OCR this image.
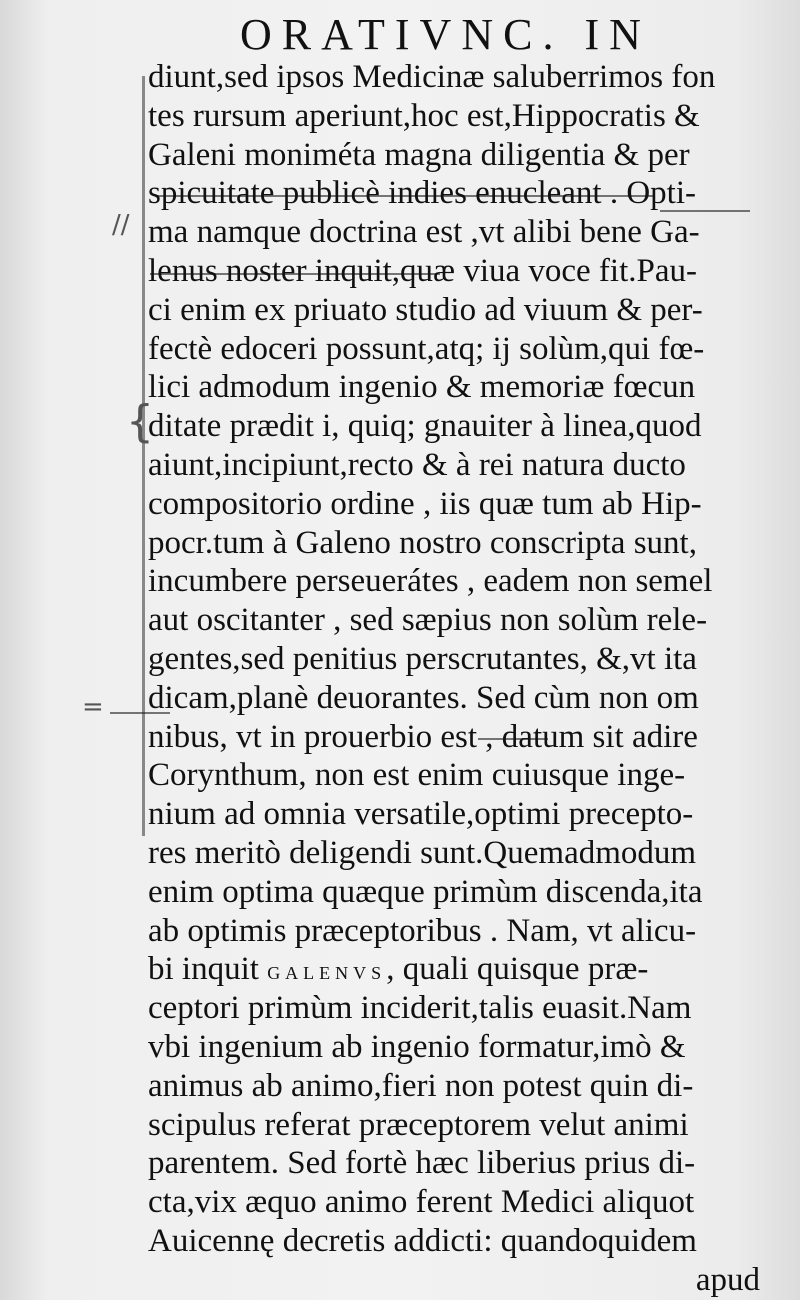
ORATIVNC. IN
//
=
{
diunt,sed ipsos Medicinæ saluberrimos fon
tes rursum aperiunt,hoc est,Hippocratis &
Galeni moniméta magna diligentia & per
spicuitate publicè indies enucleant . Opti-
ma namque doctrina est ,vt alibi bene Ga-
lenus noster inquit,quæ viua voce fit.Pau-
ci enim ex priuato studio ad viuum & per-
fectè edoceri possunt,atq; ij solùm,qui fœ-
lici admodum ingenio & memoriæ fœcun
ditate prædit i, quiq; gnauiter à linea,quod
aiunt,incipiunt,recto & à rei natura ducto
compositorio ordine , iis quæ tum ab Hip-
pocr.tum à Galeno nostro conscripta sunt,
incumbere perseuerátes , eadem non semel
aut oscitanter , sed sæpius non solùm rele-
gentes,sed penitius perscrutantes, &,vt ita
dicam,planè deuorantes. Sed cùm non om
nibus, vt in prouerbio est , datum sit adire
Corynthum, non est enim cuiusque inge-
nium ad omnia versatile,optimi precepto-
res meritò deligendi sunt.Quemadmodum
enim optima quæque primùm discenda,ita
ab optimis præceptoribus . Nam, vt alicu-
bi inquit GALENVS, quali quisque præ-
ceptori primùm inciderit,talis euasit.Nam
vbi ingenium ab ingenio formatur,imò &
animus ab animo,fieri non potest quin di-
scipulus referat præceptorem velut animi
parentem. Sed fortè hæc liberius prius di-
cta,vix æquo animo ferent Medici aliquot
Auicennę decretis addicti: quandoquidem
apud
